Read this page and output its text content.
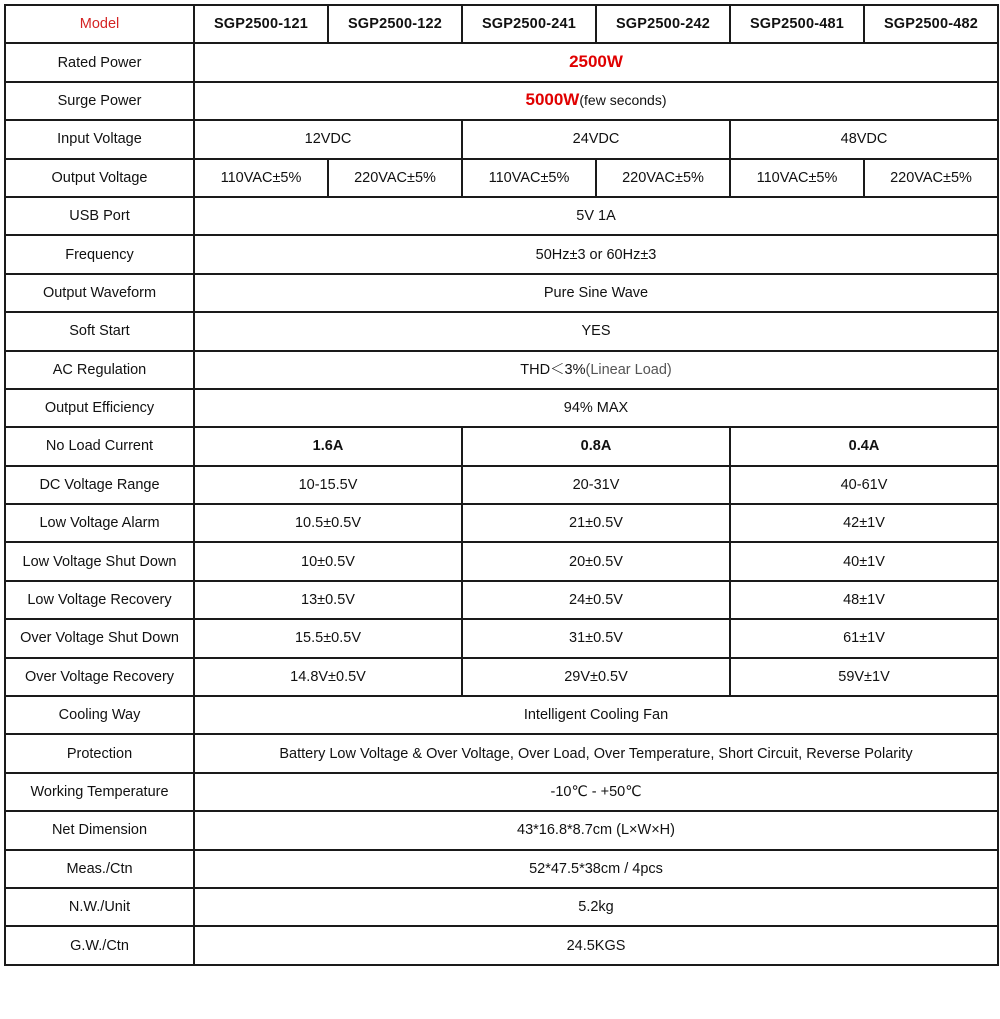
Model	SGP2500-121	SGP2500-122	SGP2500-241	SGP2500-242	SGP2500-481	SGP2500-482
Rated Power	2500W					
Surge Power	5000W(few seconds)					
Input Voltage	12VDC		24VDC		48VDC	
Output Voltage	110VAC±5%	220VAC±5%	110VAC±5%	220VAC±5%	110VAC±5%	220VAC±5%
USB Port	5V 1A					
Frequency	50Hz±3 or 60Hz±3					
Output Waveform	Pure Sine Wave					
Soft Start	YES					
AC Regulation	THD＜3%(Linear Load)					
Output Efficiency	94% MAX					
No Load Current	1.6A		0.8A		0.4A	
DC Voltage Range	10-15.5V		20-31V		40-61V	
Low Voltage Alarm	10.5±0.5V		21±0.5V		42±1V	
Low Voltage Shut Down	10±0.5V		20±0.5V		40±1V	
Low Voltage Recovery	13±0.5V		24±0.5V		48±1V	
Over Voltage Shut Down	15.5±0.5V		31±0.5V		61±1V	
Over Voltage Recovery	14.8V±0.5V		29V±0.5V		59V±1V	
Cooling Way	Intelligent Cooling Fan					
Protection	Battery Low Voltage & Over Voltage, Over Load, Over Temperature, Short Circuit, Reverse Polarity					
Working Temperature	-10℃ - +50℃					
Net Dimension	43*16.8*8.7cm (L×W×H)					
Meas./Ctn	52*47.5*38cm / 4pcs					
N.W./Unit	5.2kg					
G.W./Ctn	24.5KGS					
